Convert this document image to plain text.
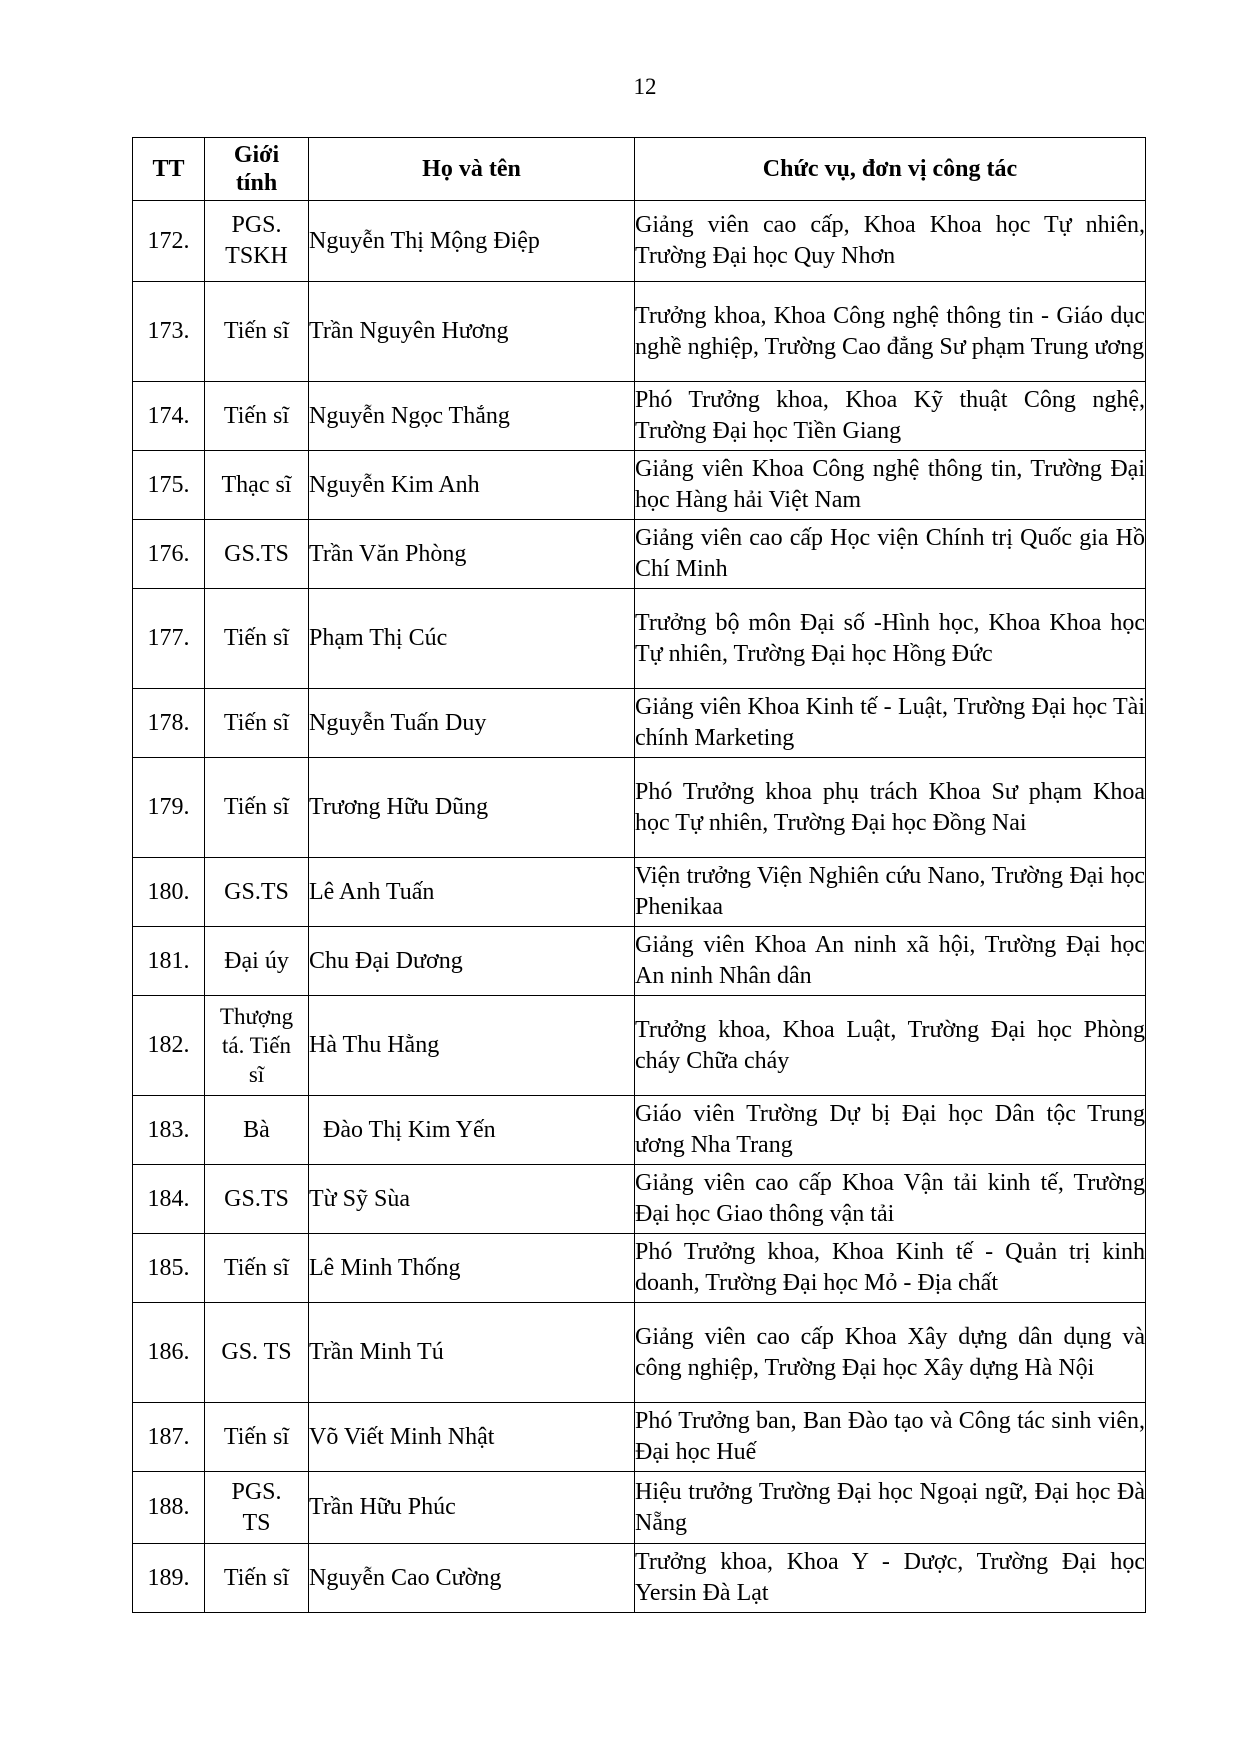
12
TT	Giới tính	Họ và tên	Chức vụ, đơn vị công tác
172.	PGS. TSKH	Nguyễn Thị Mộng Điệp	Giảng viên cao cấp, Khoa Khoa học Tự nhiên, Trường Đại học Quy Nhơn
173.	Tiến sĩ	Trần Nguyên Hương	Trưởng khoa, Khoa Công nghệ thông tin - Giáo dục nghề nghiệp, Trường Cao đẳng Sư phạm Trung ương
174.	Tiến sĩ	Nguyễn Ngọc Thắng	Phó Trưởng khoa, Khoa Kỹ thuật Công nghệ, Trường Đại học Tiền Giang
175.	Thạc sĩ	Nguyễn Kim Anh	Giảng viên Khoa Công nghệ thông tin, Trường Đại học Hàng hải Việt Nam
176.	GS.TS	Trần Văn Phòng	Giảng viên cao cấp Học viện Chính trị Quốc gia Hồ Chí Minh
177.	Tiến sĩ	Phạm Thị Cúc	Trưởng bộ môn Đại số -Hình học, Khoa Khoa học Tự nhiên, Trường Đại học Hồng Đức
178.	Tiến sĩ	Nguyễn Tuấn Duy	Giảng viên Khoa Kinh tế - Luật, Trường Đại học Tài chính Marketing
179.	Tiến sĩ	Trương Hữu Dũng	Phó Trưởng khoa phụ trách Khoa Sư phạm Khoa học Tự nhiên, Trường Đại học Đồng Nai
180.	GS.TS	Lê Anh Tuấn	Viện trưởng Viện Nghiên cứu Nano, Trường Đại học Phenikaa
181.	Đại úy	Chu Đại Dương	Giảng viên Khoa An ninh xã hội, Trường Đại học An ninh Nhân dân
182.	Thượng tá. Tiến sĩ	Hà Thu Hằng	Trưởng khoa, Khoa Luật, Trường Đại học Phòng cháy Chữa cháy
183.	Bà	Đào Thị Kim Yến	Giáo viên Trường Dự bị Đại học Dân tộc Trung ương Nha Trang
184.	GS.TS	Từ Sỹ Sùa	Giảng viên cao cấp Khoa Vận tải kinh tế, Trường Đại học Giao thông vận tải
185.	Tiến sĩ	Lê Minh Thống	Phó Trưởng khoa, Khoa Kinh tế - Quản trị kinh doanh, Trường Đại học Mỏ - Địa chất
186.	GS. TS	Trần Minh Tú	Giảng viên cao cấp Khoa Xây dựng dân dụng và công nghiệp, Trường Đại học Xây dựng Hà Nội
187.	Tiến sĩ	Võ Viết Minh Nhật	Phó Trưởng ban, Ban Đào tạo và Công tác sinh viên, Đại học Huế
188.	PGS. TS	Trần Hữu Phúc	Hiệu trưởng Trường Đại học Ngoại ngữ, Đại học Đà Nẵng
189.	Tiến sĩ	Nguyễn Cao Cường	Trưởng khoa, Khoa Y - Dược, Trường Đại học Yersin Đà Lạt
